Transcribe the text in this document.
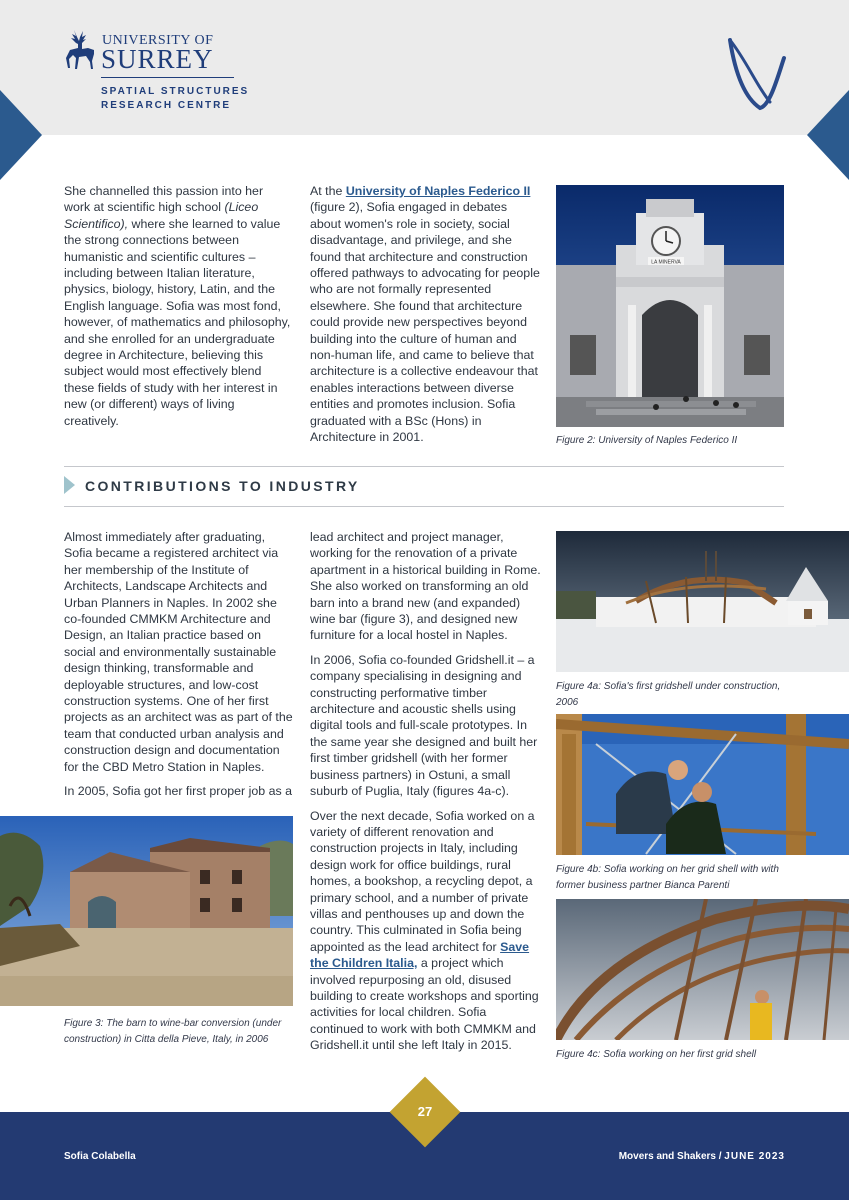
UNIVERSITY OF
SURREY
SPATIAL STRUCTURES
RESEARCH CENTRE

She channelled this passion into her work at scientific high school (Liceo Scientifico), where she learned to value the strong connections between humanistic and scientific cultures – including between Italian literature, physics, biology, history, Latin, and the English language. Sofia was most fond, however, of mathematics and philosophy, and she enrolled for an undergraduate degree in Architecture, believing this subject would most effectively blend these fields of study with her interest in new (or different) ways of living creatively.

At the University of Naples Federico II (figure 2), Sofia engaged in debates about women's role in society, social disadvantage, and privilege, and she found that architecture and construction offered pathways to advocating for people who are not formally represented elsewhere. She found that architecture could provide new perspectives beyond building into the culture of human and non-human life, and came to believe that architecture is a collective endeavour that enables interactions between diverse entities and promotes inclusion. Sofia graduated with a BSc (Hons) in Architecture in 2001.

LA MINERVA
Figure 2: University of Naples Federico II
CONTRIBUTIONS TO INDUSTRY

Almost immediately after graduating, Sofia became a registered architect via her membership of the Institute of Architects, Landscape Architects and Urban Planners in Naples. In 2002 she co-founded CMMKM Architecture and Design, an Italian practice based on social and environmentally sustainable design thinking, transformable and deployable structures, and low-cost construction systems. One of her first projects as an architect was as part of the team that conducted urban analysis and construction design and documentation for the CBD Metro Station in Naples.

In 2005, Sofia got her first proper job as a

Figure 3: The barn to wine-bar conversion (under construction) in Citta della Pieve, Italy, in 2006

lead architect and project manager, working for the renovation of a private apartment in a historical building in Rome. She also worked on transforming an old barn into a brand new (and expanded) wine bar (figure 3), and designed new furniture for a local hostel in Naples.

In 2006, Sofia co-founded Gridshell.it – a company specialising in designing and constructing performative timber architecture and acoustic shells using digital tools and full-scale prototypes. In the same year she designed and built her first timber gridshell (with her former business partners) in Ostuni, a small suburb of Puglia, Italy (figures 4a-c).

Over the next decade, Sofia worked on a variety of different renovation and construction projects in Italy, including design work for office buildings, rural homes, a bookshop, a recycling depot, a primary school, and a number of private villas and penthouses up and down the country. This culminated in Sofia being appointed as the lead architect for Save the Children Italia, a project which involved repurposing an old, disused building to create workshops and sporting activities for local children. Sofia continued to work with both CMMKM and Gridshell.it until she left Italy in 2015.

Figure 4a: Sofia's first gridshell under construction, 2006
Figure 4b: Sofia working on her grid shell with with former business partner Bianca Parenti
Figure 4c: Sofia working on her first grid shell
27
Sofia Colabella	Movers and Shakers / JUNE 2023
